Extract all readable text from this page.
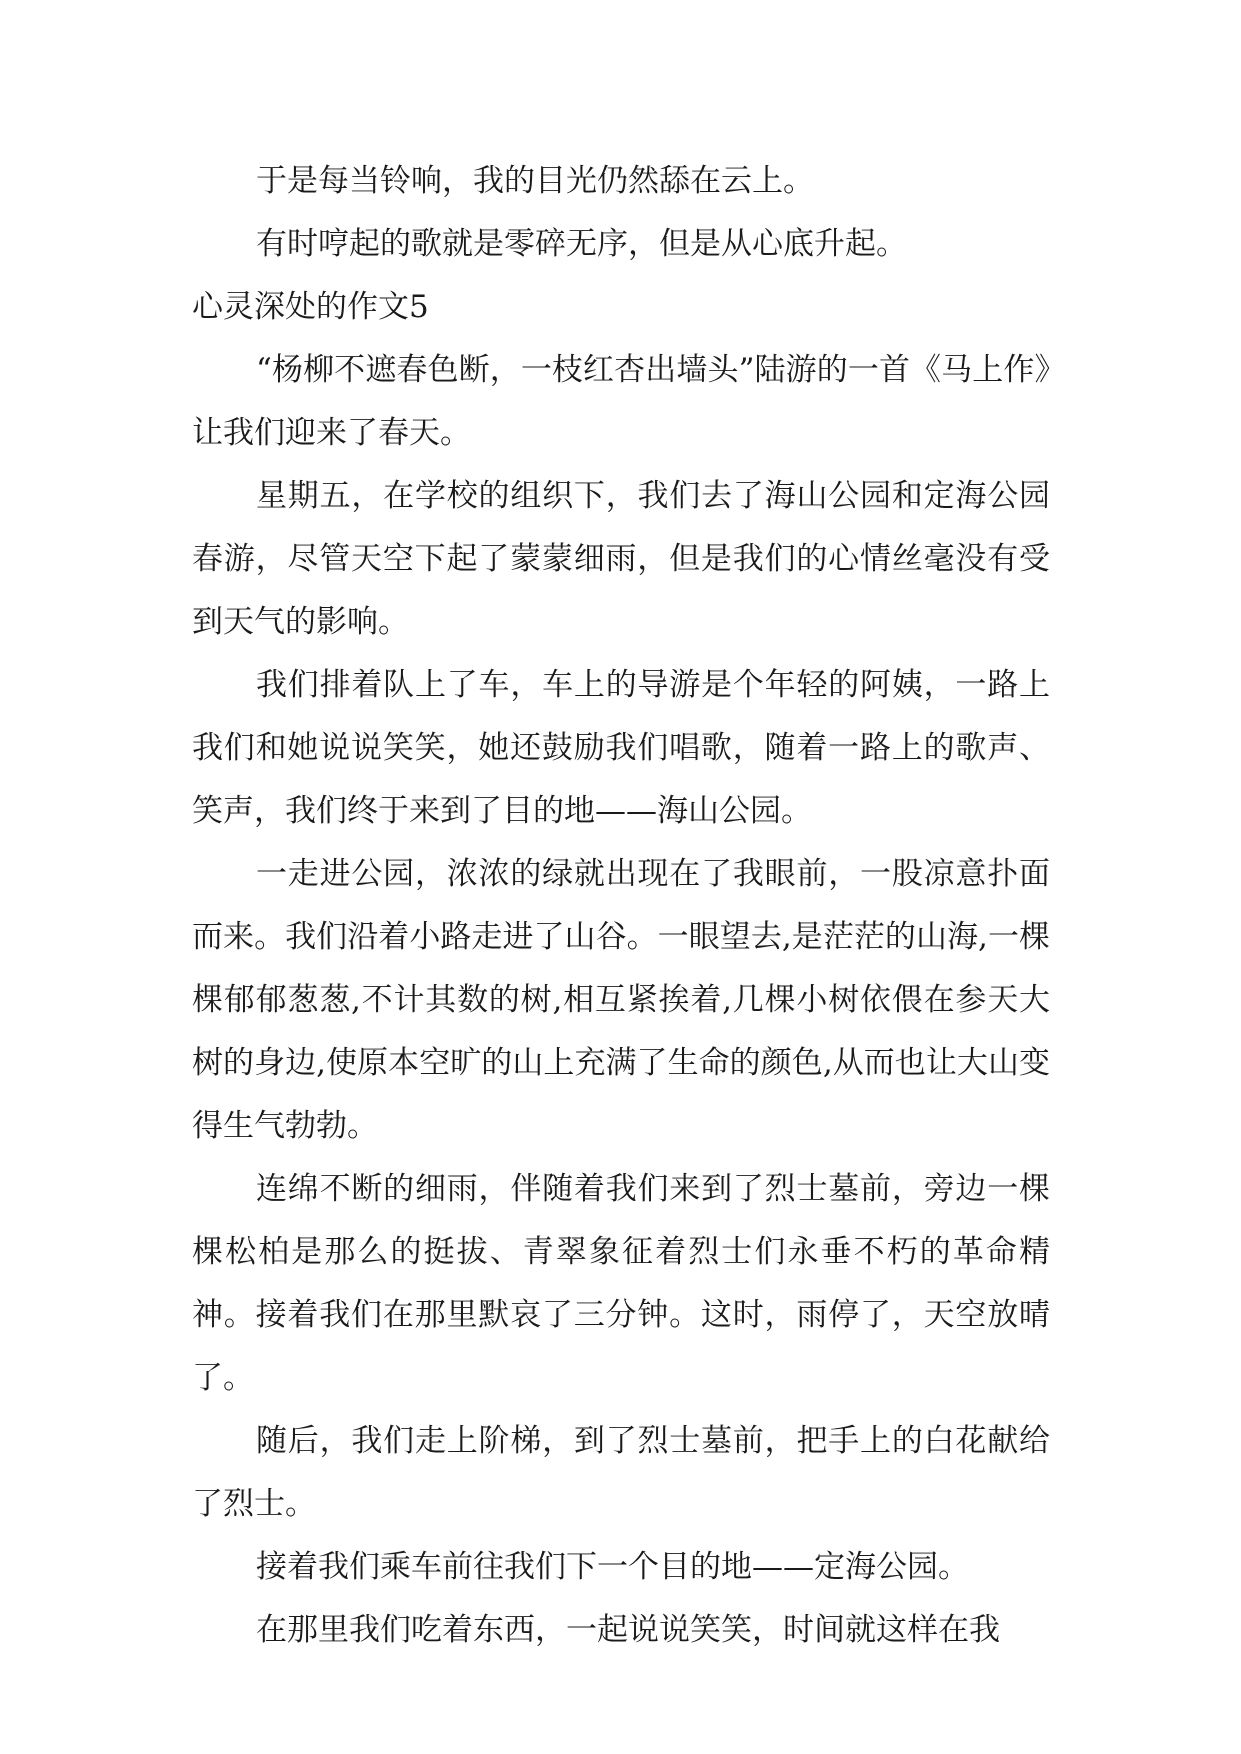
于是每当铃响，我的目光仍然舔在云上。

有时哼起的歌就是零碎无序，但是从心底升起。

心灵深处的作文5

“杨柳不遮春色断，一枝红杏出墙头”陆游的一首《马上作》让我们迎来了春天。

星期五，在学校的组织下，我们去了海山公园和定海公园春游，尽管天空下起了蒙蒙细雨，但是我们的心情丝毫没有受到天气的影响。

我们排着队上了车，车上的导游是个年轻的阿姨，一路上我们和她说说笑笑，她还鼓励我们唱歌，随着一路上的歌声、笑声，我们终于来到了目的地——海山公园。

一走进公园，浓浓的绿就出现在了我眼前，一股凉意扑面而来。我们沿着小路走进了山谷。一眼望去,是茫茫的山海,一棵棵郁郁葱葱,不计其数的树,相互紧挨着,几棵小树依偎在参天大树的身边,使原本空旷的山上充满了生命的颜色,从而也让大山变得生气勃勃。

连绵不断的细雨，伴随着我们来到了烈士墓前，旁边一棵棵松柏是那么的挺拔、青翠象征着烈士们永垂不朽的革命精神。接着我们在那里默哀了三分钟。这时，雨停了，天空放晴了。

随后，我们走上阶梯，到了烈士墓前，把手上的白花献给了烈士。

接着我们乘车前往我们下一个目的地——定海公园。

在那里我们吃着东西，一起说说笑笑，时间就这样在我
